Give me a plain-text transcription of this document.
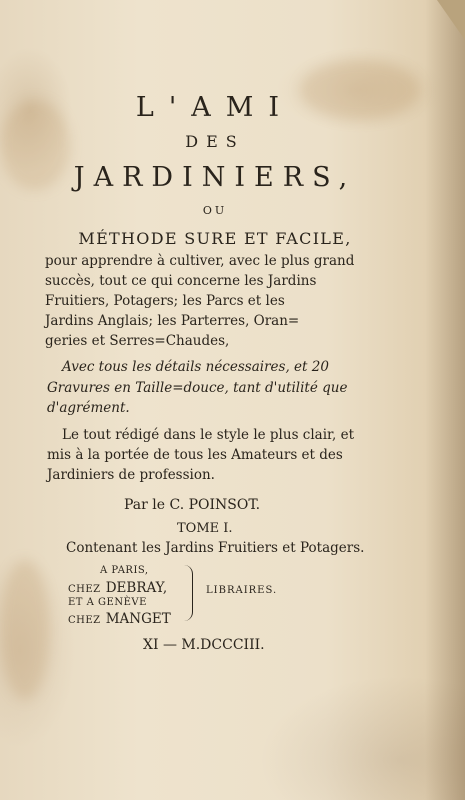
L'AMI
DES
JARDINIERS,
OU
MÉTHODE SURE ET FACILE,
pour apprendre à cultiver, avec le plus grand
succès, tout ce qui concerne les Jardins
Fruitiers, Potagers; les Parcs et les
Jardins Anglais; les Parterres, Oran=
geries et Serres=Chaudes,
Avec tous les détails nécessaires, et 20
Gravures en Taille=douce, tant d'utilité que
d'agrément.
Le tout rédigé dans le style le plus clair, et
mis à la portée de tous les Amateurs et des
Jardiniers de profession.
Par le C. POINSOT.
TOME I.
Contenant les Jardins Fruitiers et Potagers.
A PARIS,
CHEZ DEBRAY,
ET A GENÈVE
CHEZ MANGET
LIBRAIRES.
XI — M.DCCCIII.
